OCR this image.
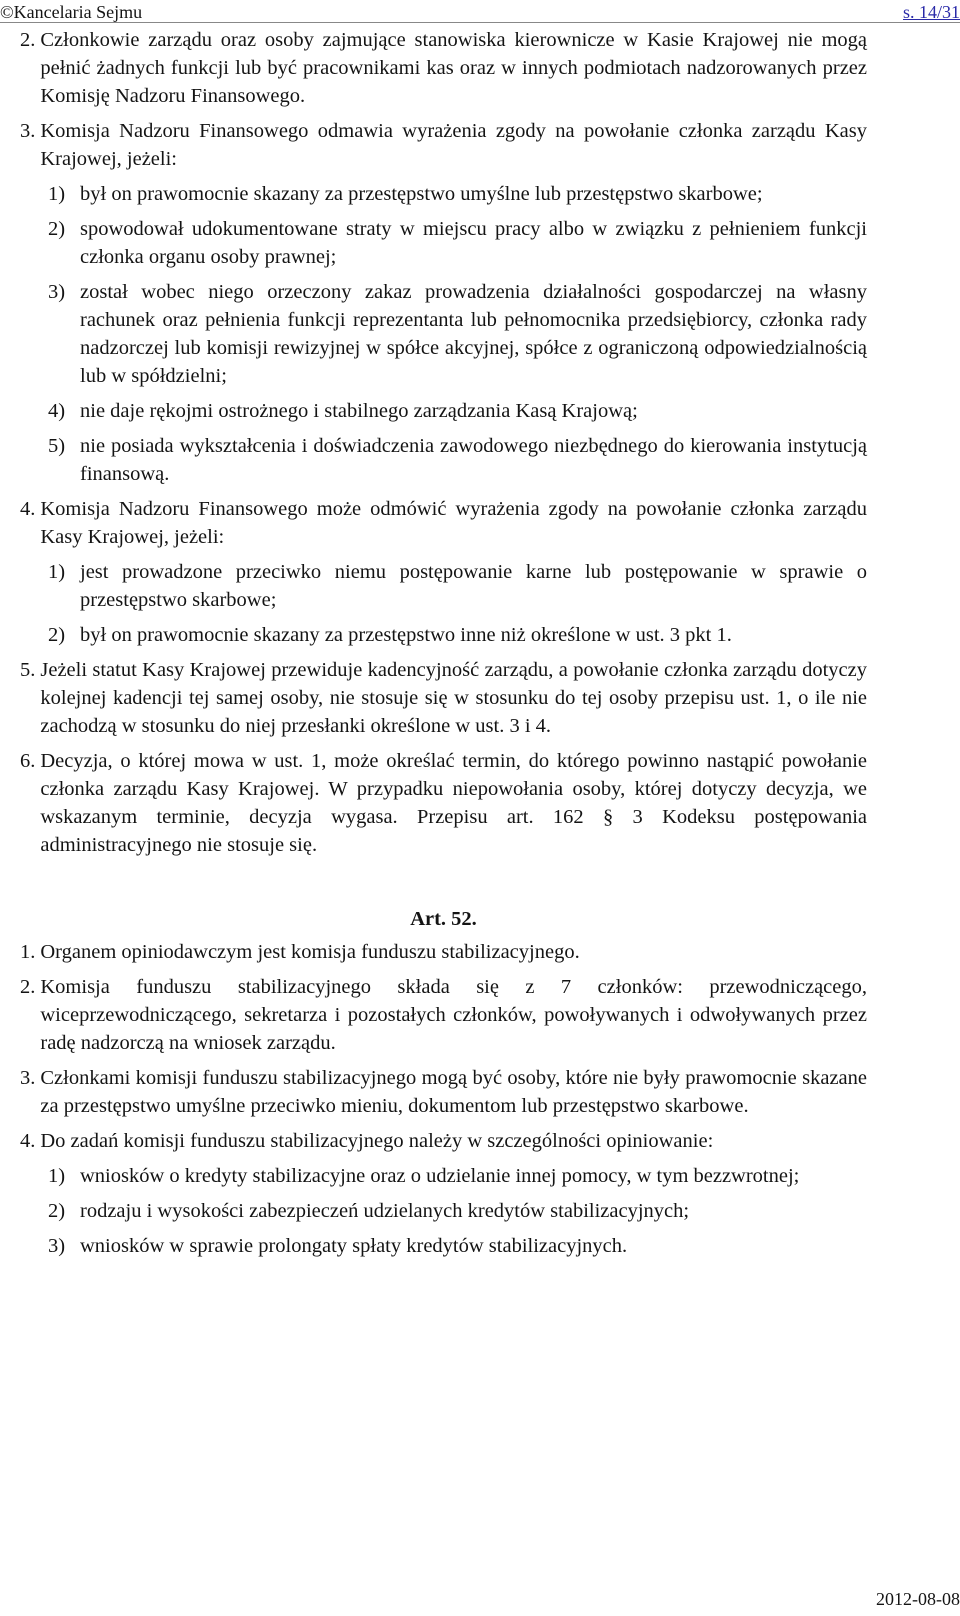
©Kancelaria Sejmu	s. 14/31
2. Członkowie zarządu oraz osoby zajmujące stanowiska kierownicze w Kasie Krajowej nie mogą pełnić żadnych funkcji lub być pracownikami kas oraz w innych podmiotach nadzorowanych przez Komisję Nadzoru Finansowego.
3. Komisja Nadzoru Finansowego odmawia wyrażenia zgody na powołanie członka zarządu Kasy Krajowej, jeżeli:
1) był on prawomocnie skazany za przestępstwo umyślne lub przestępstwo skarbowe;
2) spowodował udokumentowane straty w miejscu pracy albo w związku z pełnieniem funkcji członka organu osoby prawnej;
3) został wobec niego orzeczony zakaz prowadzenia działalności gospodarczej na własny rachunek oraz pełnienia funkcji reprezentanta lub pełnomocnika przedsiębiorcy, członka rady nadzorczej lub komisji rewizyjnej w spółce akcyjnej, spółce z ograniczoną odpowiedzialnością lub w spółdzielni;
4) nie daje rękojmi ostrożnego i stabilnego zarządzania Kasą Krajową;
5) nie posiada wykształcenia i doświadczenia zawodowego niezbędnego do kierowania instytucją finansową.
4. Komisja Nadzoru Finansowego może odmówić wyrażenia zgody na powołanie członka zarządu Kasy Krajowej, jeżeli:
1) jest prowadzone przeciwko niemu postępowanie karne lub postępowanie w sprawie o przestępstwo skarbowe;
2) był on prawomocnie skazany za przestępstwo inne niż określone w ust. 3 pkt 1.
5. Jeżeli statut Kasy Krajowej przewiduje kadencyjność zarządu, a powołanie członka zarządu dotyczy kolejnej kadencji tej samej osoby, nie stosuje się w stosunku do tej osoby przepisu ust. 1, o ile nie zachodzą w stosunku do niej przesłanki określone w ust. 3 i 4.
6. Decyzja, o której mowa w ust. 1, może określać termin, do którego powinno nastąpić powołanie członka zarządu Kasy Krajowej. W przypadku niepowołania osoby, której dotyczy decyzja, we wskazanym terminie, decyzja wygasa. Przepisu art. 162 § 3 Kodeksu postępowania administracyjnego nie stosuje się.
Art. 52.
1. Organem opiniodawczym jest komisja funduszu stabilizacyjnego.
2. Komisja funduszu stabilizacyjnego składa się z 7 członków: przewodniczącego, wiceprzewodniczącego, sekretarza i pozostałych członków, powoływanych i odwoływanych przez radę nadzorczą na wniosek zarządu.
3. Członkami komisji funduszu stabilizacyjnego mogą być osoby, które nie były prawomocnie skazane za przestępstwo umyślne przeciwko mieniu, dokumentom lub przestępstwo skarbowe.
4. Do zadań komisji funduszu stabilizacyjnego należy w szczególności opiniowanie:
1) wniosków o kredyty stabilizacyjne oraz o udzielanie innej pomocy, w tym bezzwrotnej;
2) rodzaju i wysokości zabezpieczeń udzielanych kredytów stabilizacyjnych;
3) wniosków w sprawie prolongaty spłaty kredytów stabilizacyjnych.
2012-08-08
